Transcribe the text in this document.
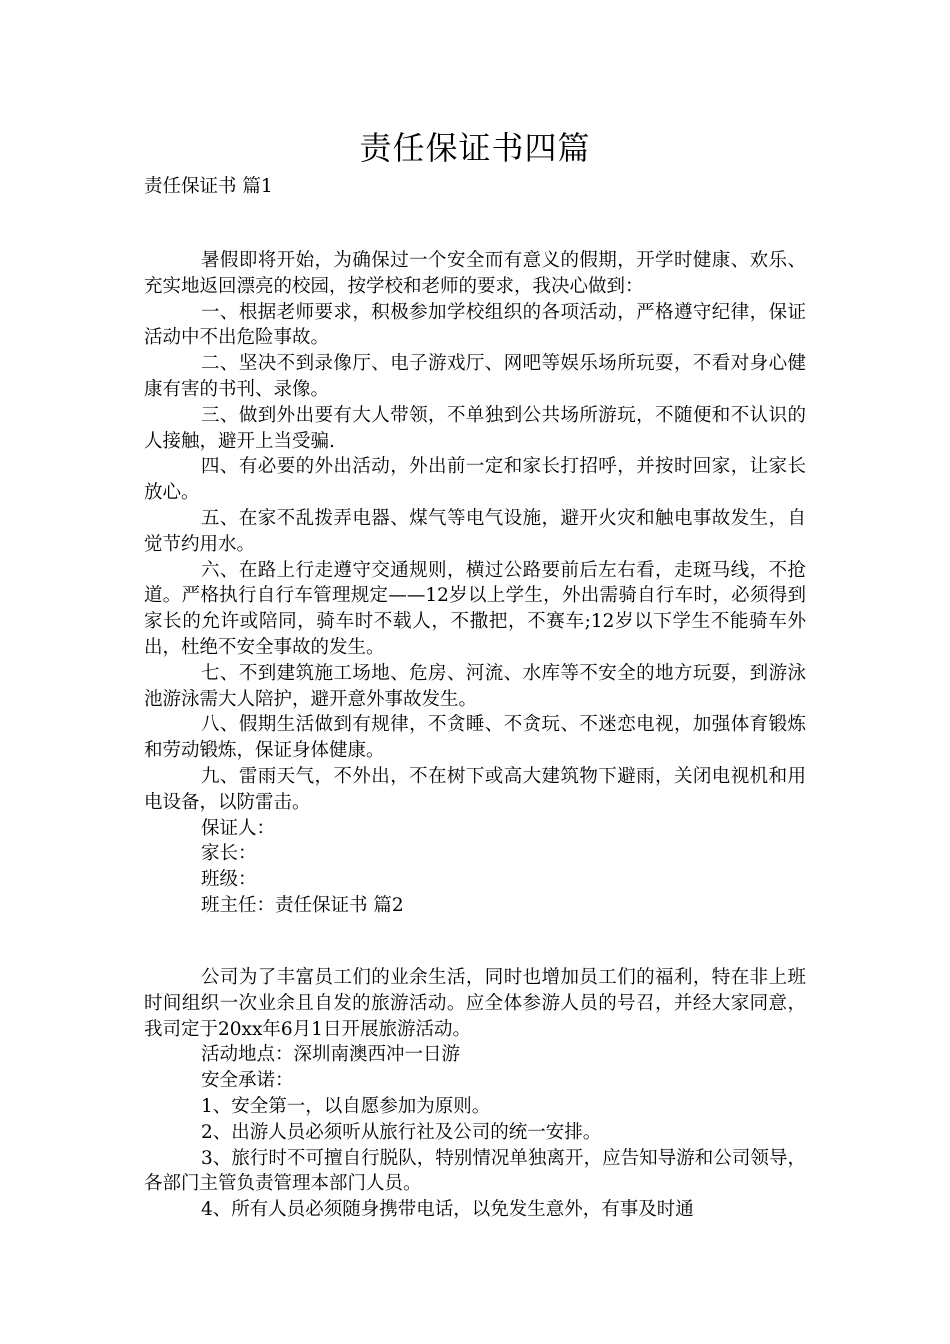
责任保证书四篇

责任保证书 篇1

暑假即将开始，为确保过一个安全而有意义的假期，开学时健康、欢乐、充实地返回漂亮的校园，按学校和老师的要求，我决心做到：

一、根据老师要求，积极参加学校组织的各项活动，严格遵守纪律，保证活动中不出危险事故。

二、坚决不到录像厅、电子游戏厅、网吧等娱乐场所玩耍，不看对身心健康有害的书刊、录像。

三、做到外出要有大人带领，不单独到公共场所游玩，不随便和不认识的人接触，避开上当受骗.

四、有必要的外出活动，外出前一定和家长打招呼，并按时回家，让家长放心。

五、在家不乱拨弄电器、煤气等电气设施，避开火灾和触电事故发生，自觉节约用水。

六、在路上行走遵守交通规则，横过公路要前后左右看，走斑马线，不抢道。严格执行自行车管理规定——12岁以上学生，外出需骑自行车时，必须得到家长的允许或陪同，骑车时不载人，不撒把，不赛车;12岁以下学生不能骑车外出，杜绝不安全事故的发生。

七、不到建筑施工场地、危房、河流、水库等不安全的地方玩耍，到游泳池游泳需大人陪护，避开意外事故发生。

八、假期生活做到有规律，不贪睡、不贪玩、不迷恋电视，加强体育锻炼和劳动锻炼，保证身体健康。

九、雷雨天气，不外出，不在树下或高大建筑物下避雨，关闭电视机和用电设备，以防雷击。

保证人：

家长：

班级：

班主任：责任保证书 篇2

公司为了丰富员工们的业余生活，同时也增加员工们的福利，特在非上班时间组织一次业余且自发的旅游活动。应全体参游人员的号召，并经大家同意，我司定于20xx年6月1日开展旅游活动。

活动地点：深圳南澳西冲一日游

安全承诺：

1、安全第一，以自愿参加为原则。

2、出游人员必须听从旅行社及公司的统一安排。

3、旅行时不可擅自行脱队，特别情况单独离开，应告知导游和公司领导，各部门主管负责管理本部门人员。

4、所有人员必须随身携带电话，以免发生意外，有事及时通
